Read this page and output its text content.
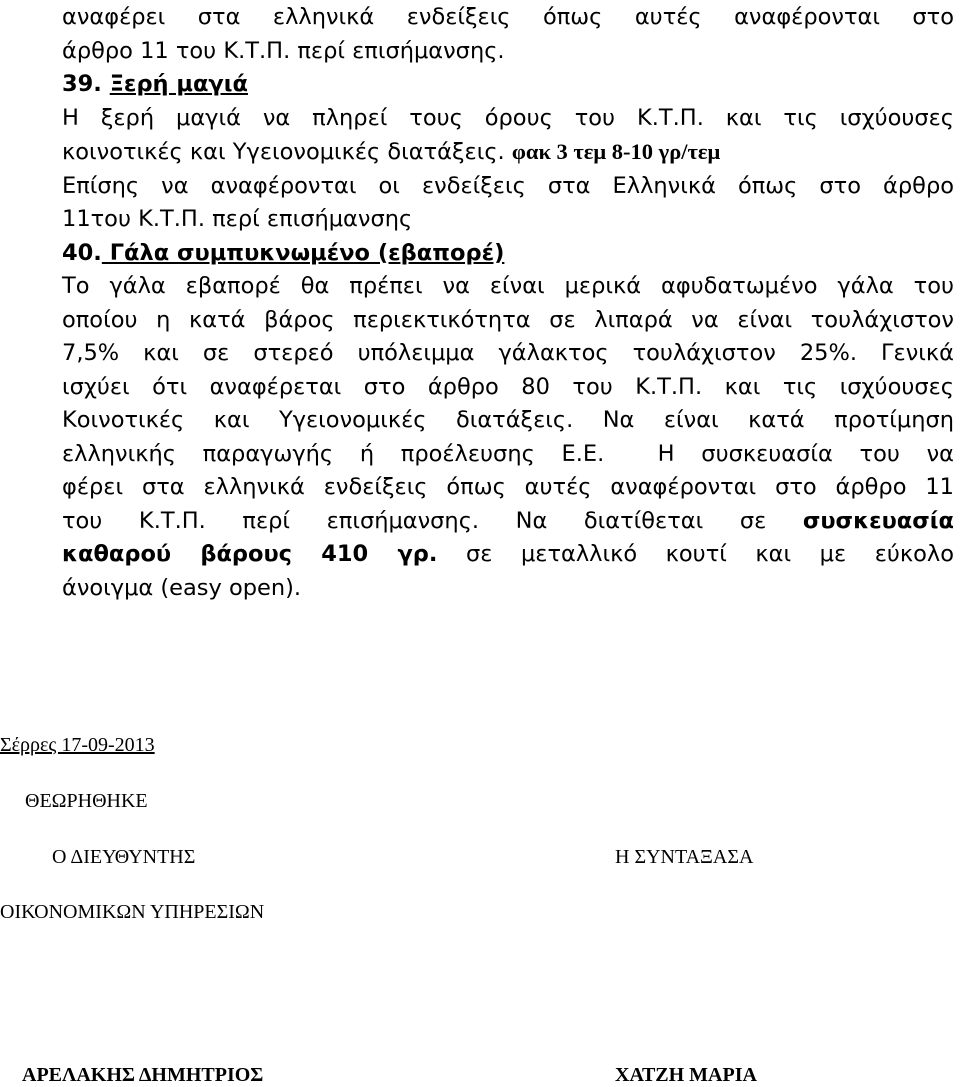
αναφέρει στα ελληνικά ενδείξεις όπως αυτές αναφέρονται στο
άρθρο 11 του Κ.Τ.Π. περί επισήμανσης.
39. Ξερή μαγιά
Η ξερή μαγιά να πληρεί τους όρους του Κ.Τ.Π. και τις ισχύουσες
κοινοτικές και Υγειονομικές διατάξεις. φακ 3 τεμ 8-10 γρ/τεμ
Επίσης να αναφέρονται οι ενδείξεις στα Ελληνικά όπως στο άρθρο
11του Κ.Τ.Π. περί επισήμανσης
40. Γάλα συμπυκνωμένο (εβαπορέ)
Το γάλα εβαπορέ θα πρέπει να είναι μερικά αφυδατωμένο γάλα του
οποίου η κατά βάρος περιεκτικότητα σε λιπαρά να είναι τουλάχιστον
7,5% και σε στερεό υπόλειμμα γάλακτος τουλάχιστον 25%. Γενικά
ισχύει ότι αναφέρεται στο άρθρο 80 του Κ.Τ.Π. και τις ισχύουσες
Κοινοτικές και Υγειονομικές διατάξεις. Να είναι κατά προτίμηση
ελληνικής παραγωγής ή προέλευσης Ε.Ε.  Η συσκευασία του να
φέρει στα ελληνικά ενδείξεις όπως αυτές αναφέρονται στο άρθρο 11
του Κ.Τ.Π. περί επισήμανσης. Να διατίθεται σε συσκευασία
καθαρού βάρους 410 γρ. σε μεταλλικό κουτί και με εύκολο
άνοιγμα (easy open).
Σέρρες 17-09-2013
ΘΕΩΡΗΘΗΚΕ
Ο ΔΙΕΥΘΥΝΤΗΣ	Η ΣΥΝΤΑΞΑΣΑ
ΟΙΚΟΝΟΜΙΚΩΝ ΥΠΗΡΕΣΙΩΝ
ΑΡΕΛΑΚΗΣ ΔΗΜΗΤΡΙΟΣ	ΧΑΤΖΗ ΜΑΡΙΑ
